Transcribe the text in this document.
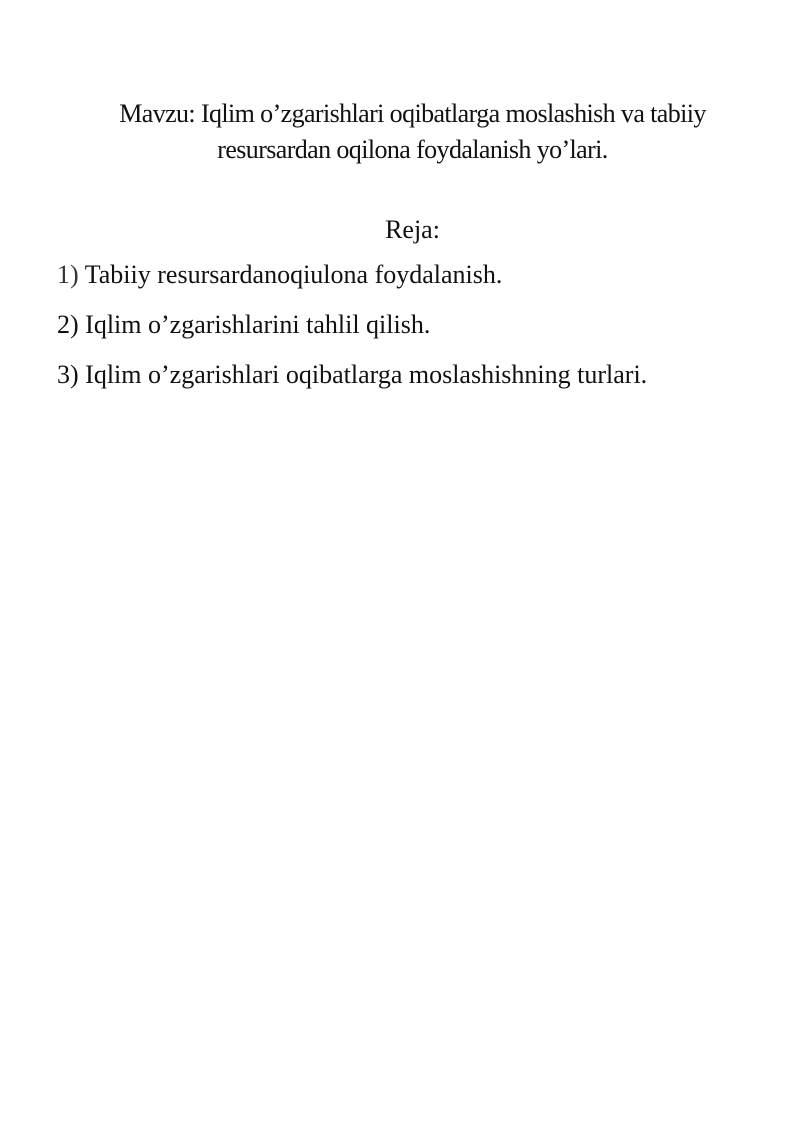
Mavzu: Iqlim o’zgarishlari oqibatlarga moslashish va tabiiy
resursardan oqilona foydalanish yo’lari.
Reja:
1) Tabiiy resursardanoqiulona foydalanish.
2) Iqlim o’zgarishlarini tahlil qilish.
3) Iqlim o’zgarishlari oqibatlarga moslashishning turlari.
